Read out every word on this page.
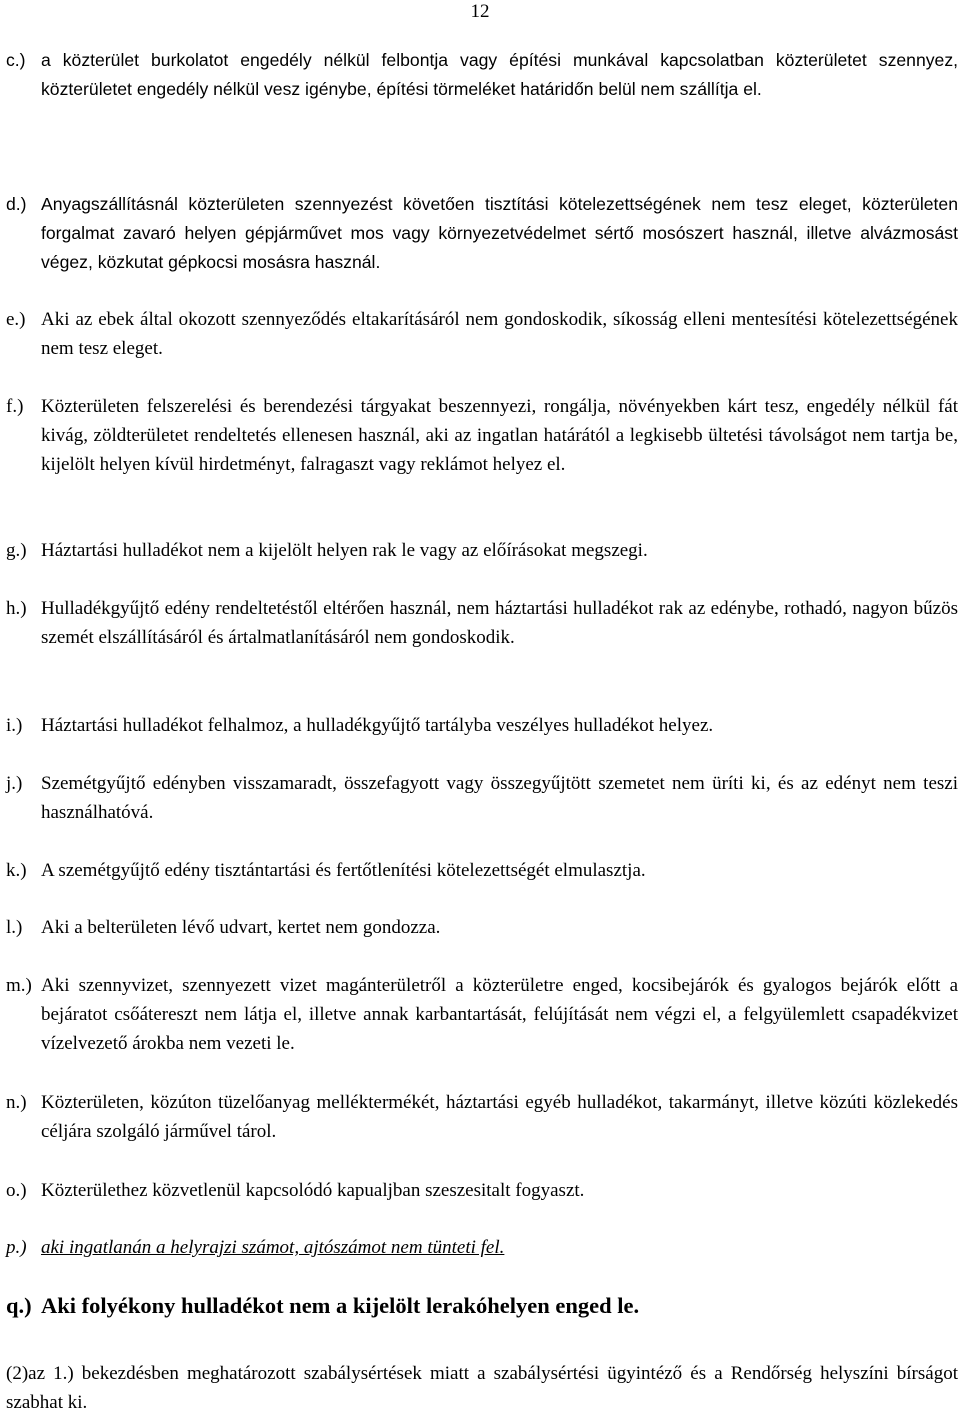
12
c.) a közterület burkolatot engedély nélkül felbontja vagy építési munkával kapcsolatban közterületet szennyez, közterületet engedély nélkül vesz igénybe, építési törmeléket határidőn belül nem szállítja el.
d.) Anyagszállításnál közterületen szennyezést követően tisztítási kötelezettségének nem tesz eleget, közterületen forgalmat zavaró helyen gépjárművet mos vagy környezetvédelmet sértő mosószert használ, illetve alvázmosást végez, közkutat gépkocsi mosásra használ.
e.) Aki az ebek által okozott szennyeződés eltakarításáról nem gondoskodik, síkosság elleni mentesítési kötelezettségének nem tesz eleget.
f.) Közterületen felszerelési és berendezési tárgyakat beszennyezi, rongálja, növényekben kárt tesz, engedély nélkül fát kivág, zöldterületet rendeltetés ellenesen használ, aki az ingatlan határától a legkisebb ültetési távolságot nem tartja be, kijelölt helyen kívül hirdetményt, falragaszt vagy reklámot helyez el.
g.) Háztartási hulladékot nem a kijelölt helyen rak le vagy az előírásokat megszegi.
h.) Hulladékgyűjtő edény rendeltetéstől eltérően használ, nem háztartási hulladékot rak az edénybe, rothadó, nagyon bűzös szemét elszállításáról és ártalmatlanításáról nem gondoskodik.
i.) Háztartási hulladékot felhalmoz, a hulladékgyűjtő tartályba veszélyes hulladékot helyez.
j.) Szemétgyűjtő edényben visszamaradt, összefagyott vagy összegyűjtött szemetet nem üríti ki, és az edényt nem teszi használhatóvá.
k.) A szemétgyűjtő edény tisztántartási és fertőtlenítési kötelezettségét elmulasztja.
l.) Aki a belterületen lévő udvart, kertet nem gondozza.
m.) Aki szennyvizet, szennyezett vizet magánterületről a közterületre enged, kocsibejárók és gyalogos bejárók előtt a bejáratot csőátereszt nem látja el, illetve annak karbantartását, felújítását nem végzi el, a felgyülemlett csapadékvizet vízelvezető árokba nem vezeti le.
n.) Közterületen, közúton tüzelőanyag melléktermékét, háztartási egyéb hulladékot, takarmányt, illetve közúti közlekedés céljára szolgáló járművel tárol.
o.) Közterülethez közvetlenül kapcsolódó kapualjban szeszesitalt fogyaszt.
p.) aki ingatlanán a helyrajzi számot, ajtószámot nem tünteti fel.
q.) Aki folyékony hulladékot nem a kijelölt lerakóhelyen enged le.
(2)az 1.) bekezdésben meghatározott szabálysértések miatt a szabálysértési ügyintéző és a Rendőrség helyszíni bírságot szabhat ki.
